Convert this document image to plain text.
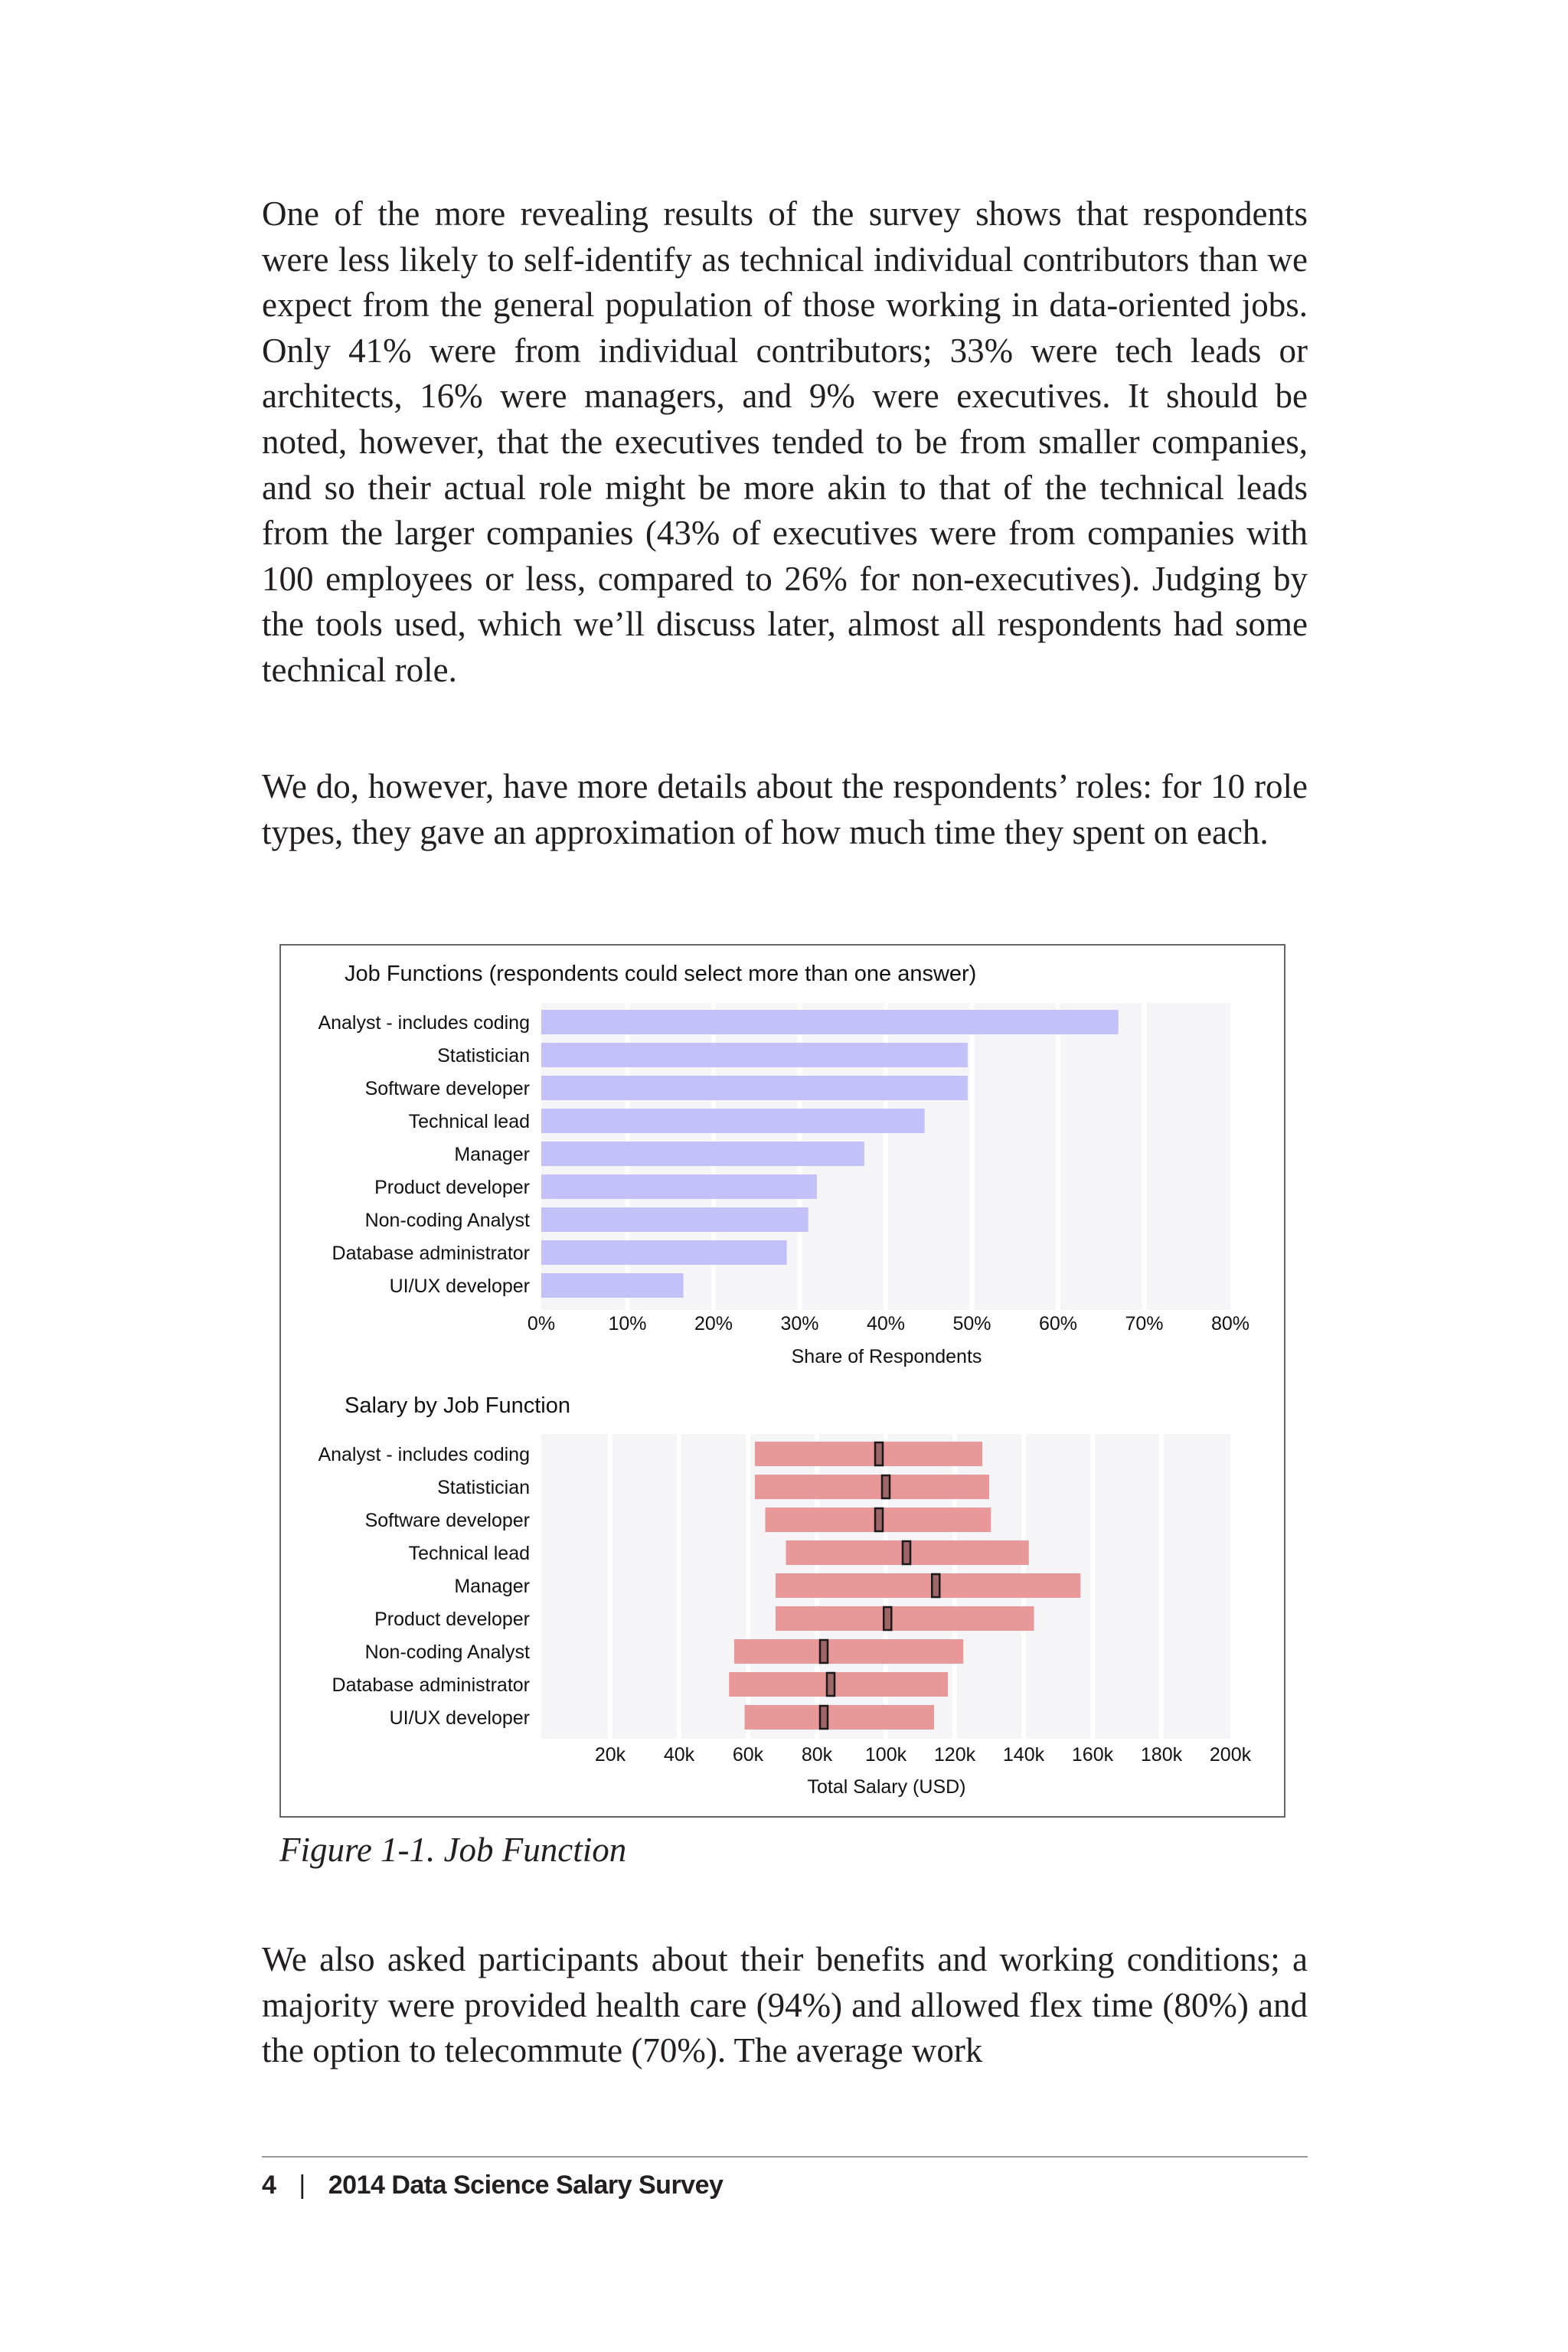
One of the more revealing results of the survey shows that respondents were less likely to self-identify as technical individual contributors than we expect from the general population of those working in data-oriented jobs. Only 41% were from individual contributors; 33% were tech leads or architects, 16% were managers, and 9% were executives. It should be noted, however, that the executives tended to be from smaller companies, and so their actual role might be more akin to that of the technical leads from the larger companies (43% of executives were from companies with 100 employees or less, compared to 26% for non-executives). Judging by the tools used, which we’ll discuss later, almost all respondents had some technical role.

We do, however, have more details about the respondents’ roles: for 10 role types, they gave an approximation of how much time they spent on each.

Job Functions (respondents could select more than one answer)
Analyst - includes coding
Statistician
Software developer
Technical lead
Manager
Product developer
Non-coding Analyst
Database administrator
UI/UX developer
0%	10% 20% 30% 40% 50% 60% 70% 80%
Share of Respondents
Salary by Job Function
Analyst - includes coding
Statistician
Software developer
Technical lead
Manager
Product developer
Non-coding Analyst
Database administrator
UI/UX developer
20k 40k 60k 80k 100k 120k 140k 160k 180k 200k
Total Salary (USD)

Figure 1-1. Job Function

We also asked participants about their benefits and working conditions; a majority were provided health care (94%) and allowed flex time (80%) and the option to telecommute (70%). The average work

4 | 2014 Data Science Salary Survey
